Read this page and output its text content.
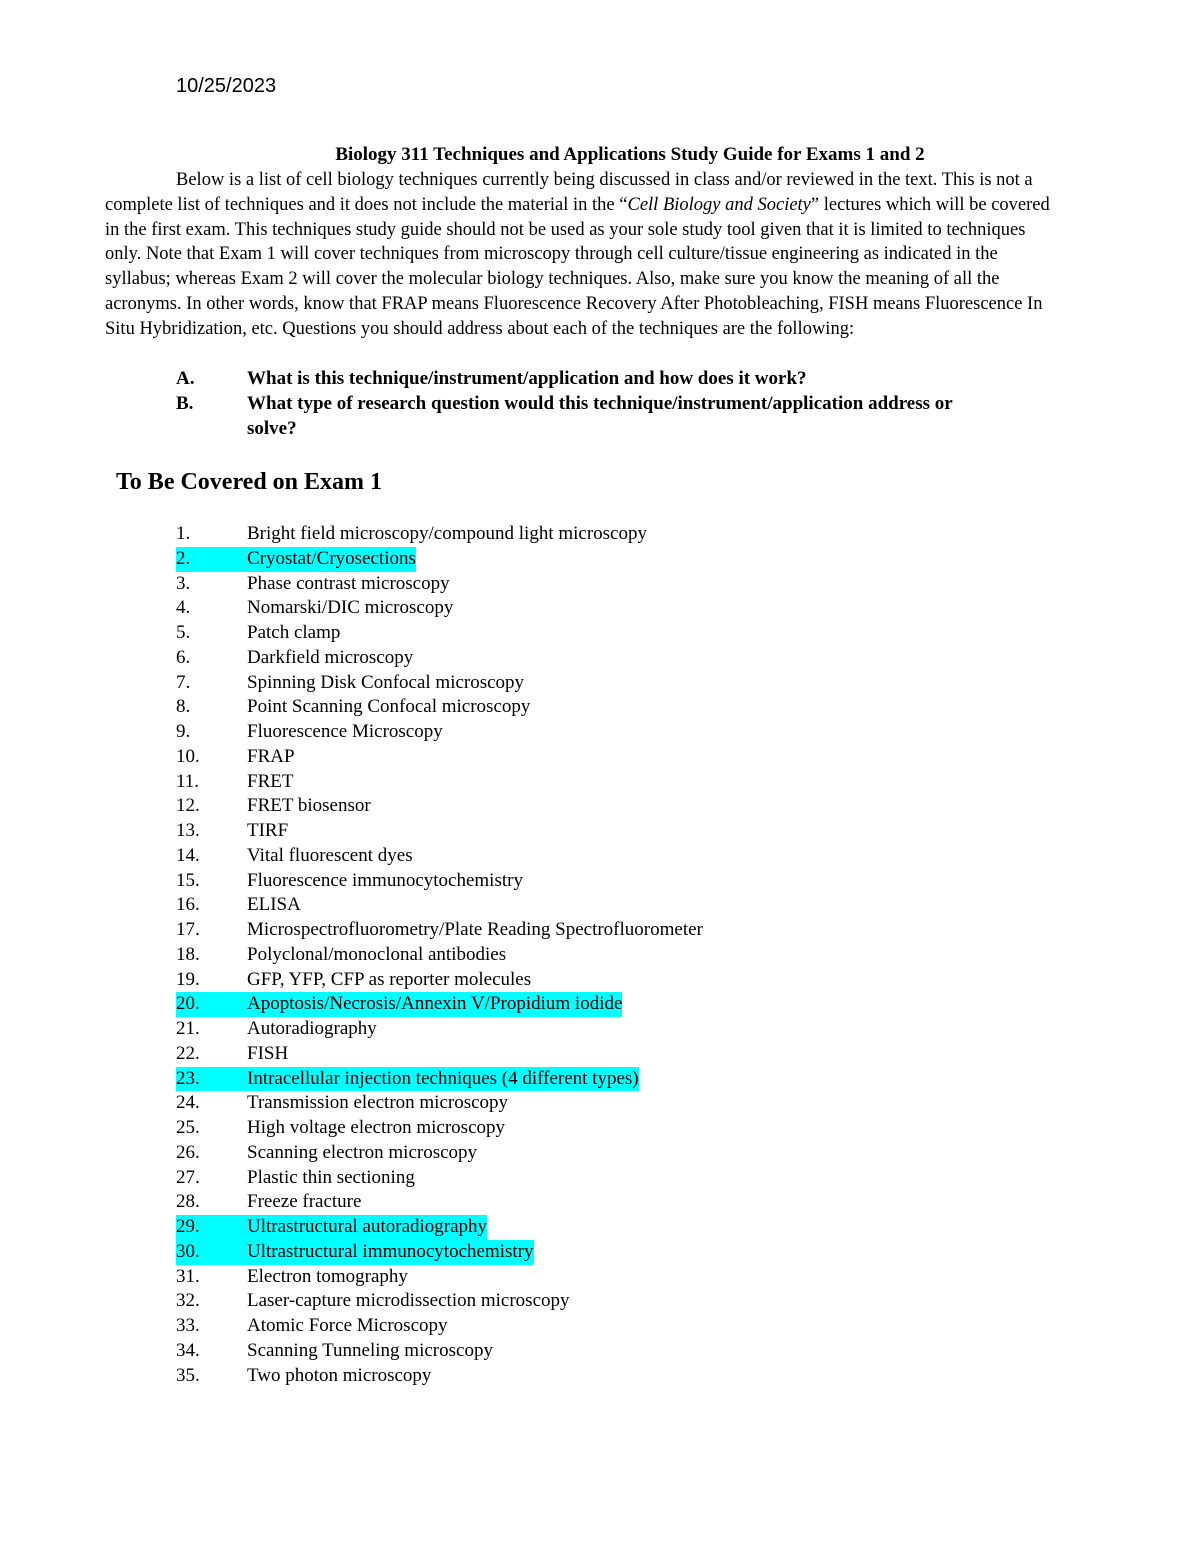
10/25/2023
Biology 311 Techniques and Applications Study Guide for Exams 1 and 2

Below is a list of cell biology techniques currently being discussed in class and/or reviewed in the text. This is not a complete list of techniques and it does not include the material in the “Cell Biology and Society” lectures which will be covered in the first exam. This techniques study guide should not be used as your sole study tool given that it is limited to techniques only. Note that Exam 1 will cover techniques from microscopy through cell culture/tissue engineering as indicated in the syllabus; whereas Exam 2 will cover the molecular biology techniques. Also, make sure you know the meaning of all the acronyms. In other words, know that FRAP means Fluorescence Recovery After Photobleaching, FISH means Fluorescence In Situ Hybridization, etc. Questions you should address about each of the techniques are the following:

A.	What is this technique/instrument/application and how does it work?
B.	What type of research question would this technique/instrument/application address or solve?
To Be Covered on Exam 1
1.	Bright field microscopy/compound light microscopy
2.	Cryostat/Cryosections
3.	Phase contrast microscopy
4.	Nomarski/DIC microscopy
5.	Patch clamp
6.	Darkfield microscopy
7.	Spinning Disk Confocal microscopy
8.	Point Scanning Confocal microscopy
9.	Fluorescence Microscopy
10. FRAP
11.	FRET
12. FRET biosensor
13. TIRF
14. Vital fluorescent dyes
15. Fluorescence immunocytochemistry
16. ELISA
17. Microspectrofluorometry/Plate Reading Spectrofluorometer
18. Polyclonal/monoclonal antibodies
19. GFP, YFP, CFP as reporter molecules
20. Apoptosis/Necrosis/Annexin V/Propidium iodide
21. Autoradiography
22. FISH
23. Intracellular injection techniques (4 different types)
24. Transmission electron microscopy
25. High voltage electron microscopy
26. Scanning electron microscopy
27. Plastic thin sectioning
28. Freeze fracture
29. Ultrastructural autoradiography
30. Ultrastructural immunocytochemistry
31. Electron tomography
32. Laser-capture microdissection microscopy
33. Atomic Force Microscopy
34. Scanning Tunneling microscopy
35. Two photon microscopy
